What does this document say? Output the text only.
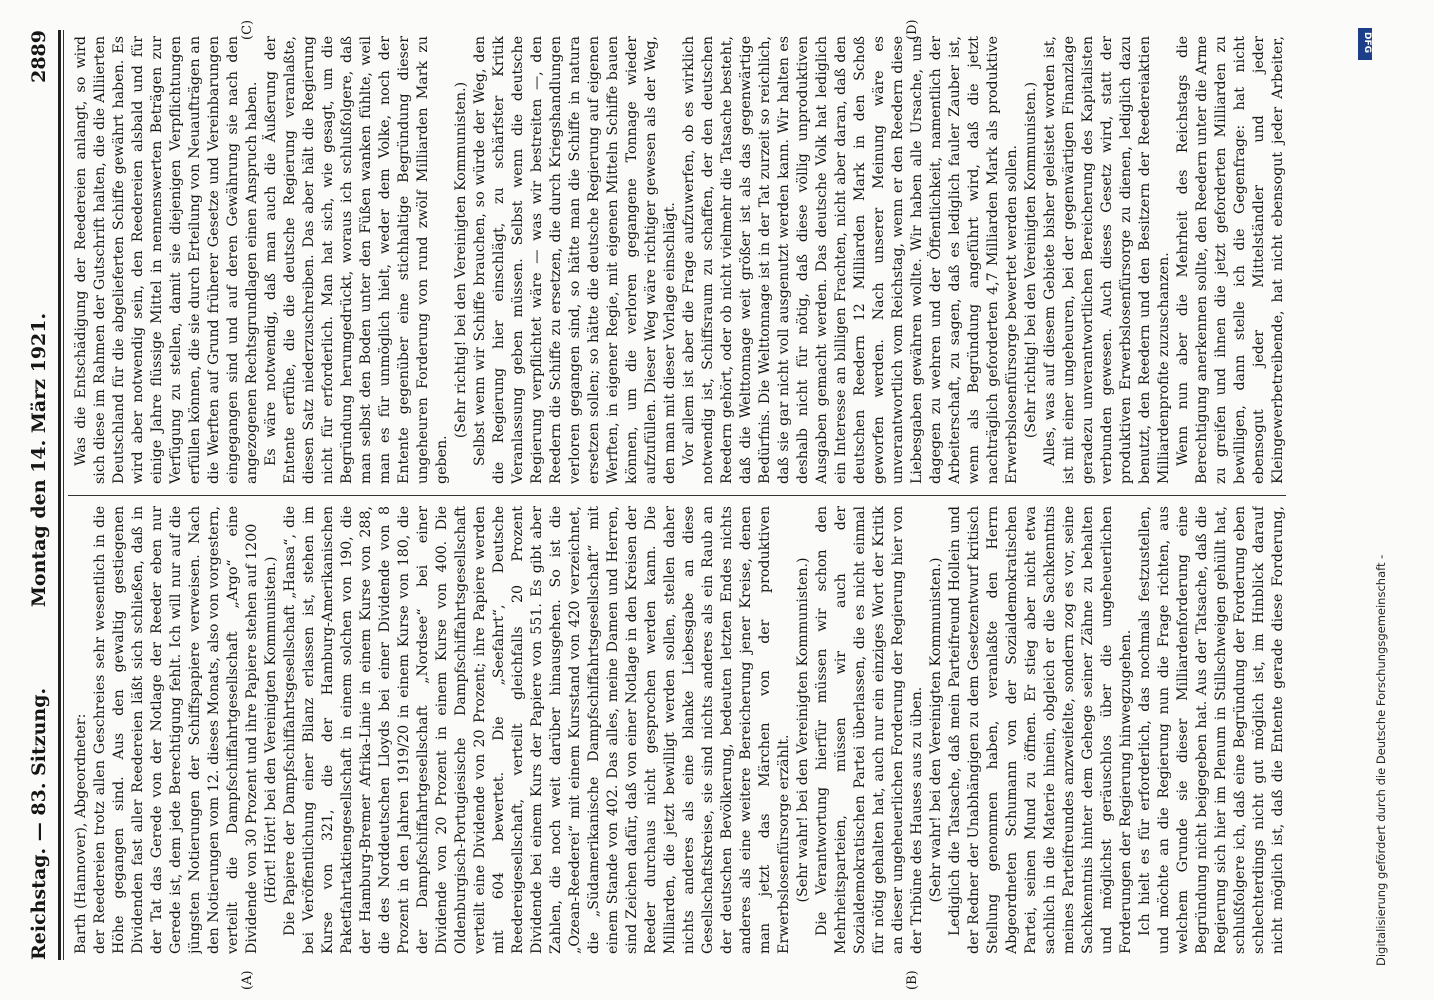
Reichstag. — 83. Sitzung.
Montag den 14. März 1921.
2889
(A)	(B)
(C)	(D)

Barth (Hannover), Abgeordneter: der Reedereien trotz allen Geschreies sehr wesentlich in die Höhe gegangen sind. Aus den gewaltig gestiegenen Dividenden fast aller Reedereien läßt sich schließen, daß in der Tat das Gerede von der Notlage der Reeder eben nur Gerede ist, dem jede Berechtigung fehlt. Ich will nur auf die jüngsten Notierungen der Schiffspapiere verweisen. Nach den Notierungen vom 12. dieses Monats, also von vorgestern, verteilt die Dampfschiffahrtgesellschaft „Argo“ eine Dividende von 30 Prozent und ihre Papiere stehen auf 1200 (Hört! Hört! bei den Vereinigten Kommunisten.) Die Papiere der Dampfschiffahrtsgesellschaft „Hansa“, die bei Veröffentlichung einer Bilanz erlassen ist, stehen im Kurse von 321, die der Hamburg-Amerikanischen Paketfahrtaktiengesellschaft in einem solchen von 190, die der Hamburg-Bremer Afrika-Linie in einem Kurse von 288, die des Norddeutschen Lloyds bei einer Dividende von 8 Prozent in den Jahren 1919/20 in einem Kurse von 180, die der Dampfschiffahrtgesellschaft „Nordsee“ bei einer Dividende von 20 Prozent in einem Kurse von 400. Die Oldenburgisch-Portugiesische Dampfschiffahrtsgesellschaft verteilt eine Dividende von 20 Prozent; ihre Papiere werden mit 604 bewertet. Die „Seefahrt“, Deutsche Reedereigesellschaft, verteilt gleichfalls 20 Prozent Dividende bei einem Kurs der Papiere von 551. Es gibt aber Zahlen, die noch weit darüber hinausgehen. So ist die „Ozean-Reederei“ mit einem Kursstand von 420 verzeichnet, die „Südamerikanische Dampfschiffahrtsgesellschaft“ mit einem Stande von 402. Das alles, meine Damen und Herren, sind Zeichen dafür, daß von einer Notlage in den Kreisen der Reeder durchaus nicht gesprochen werden kann. Die Milliarden, die jetzt bewilligt werden sollen, stellen daher nichts anderes als eine blanke Liebesgabe an diese Gesellschaftskreise, sie sind nichts anderes als ein Raub an der deutschen Bevölkerung, bedeuten letzten Endes nichts anderes als eine weitere Bereicherung jener Kreise, denen man jetzt das Märchen von der produktiven Erwerbslosenfürsorge erzählt. (Sehr wahr! bei den Vereinigten Kommunisten.) Die Verantwortung hierfür müssen wir schon den Mehrheitsparteien, müssen wir auch der Sozialdemokratischen Partei überlassen, die es nicht einmal für nötig gehalten hat, auch nur ein einziges Wort der Kritik an dieser ungeheuerlichen Forderung der Regierung hier von der Tribüne des Hauses aus zu üben. (Sehr wahr! bei den Vereinigten Kommunisten.) Lediglich die Tatsache, daß mein Parteifreund Hollein und der Redner der Unabhängigen zu dem Gesetzentwurf kritisch Stellung genommen haben, veranlaßte den Herrn Abgeordneten Schumann von der Sozialdemokratischen Partei, seinen Mund zu öffnen. Er stieg aber nicht etwa sachlich in die Materie hinein, obgleich er die Sachkenntnis meines Parteifreundes anzweifelte, sondern zog es vor, seine Sachkenntnis hinter dem Gehege seiner Zähne zu behalten und möglichst geräuschlos über die ungeheuerlichen Forderungen der Regierung hinwegzugehen. Ich hielt es für erforderlich, das nochmals festzustellen, und möchte an die Regierung nun die Frage richten, aus welchem Grunde sie dieser Milliardenforderung eine Begründung nicht beigegeben hat. Aus der Tatsache, daß die Regierung sich hier im Plenum in Stillschweigen gehüllt hat, schlußfolgere ich, daß eine Begründung der Forderung eben schlechterdings nicht gut möglich ist, im Hinblick darauf nicht möglich ist, daß die Entente gerade diese Forderung,

Was die Entschädigung der Reedereien anlangt, so wird sich diese im Rahmen der Gutschrift halten, die die Alliierten Deutschland für die abgelieferten Schiffe gewährt haben. Es wird aber notwendig sein, den Reedereien alsbald und für einige Jahre flüssige Mittel in nennenswerten Beträgen zur Verfügung zu stellen, damit sie diejenigen Verpflichtungen erfüllen können, die sie durch Erteilung von Neuaufträgen an die Werften auf Grund früherer Gesetze und Vereinbarungen eingegangen sind und auf deren Gewährung sie nach den angezogenen Rechtsgrundlagen einen Anspruch haben. Es wäre notwendig, daß man auch die Äußerung der Entente erfühe, die die deutsche Regierung veranlaßte, diesen Satz niederzuschreiben. Das aber hält die Regierung nicht für erforderlich. Man hat sich, wie gesagt, um die Begründung herumgedrückt, woraus ich schlußfolgere, daß man selbst den Boden unter den Füßen wanken fühlte, weil man es für unmöglich hielt, weder dem Volke, noch der Entente gegenüber eine stichhaltige Begründung dieser ungeheuren Forderung von rund zwölf Milliarden Mark zu geben.

(Sehr richtig! bei den Vereinigten Kommunisten.) Selbst wenn wir Schiffe brauchen, so würde der Weg, den die Regierung hier einschlägt, zu schärfster Kritik Veranlassung geben müssen. Selbst wenn die deutsche Regierung verpflichtet wäre — was wir bestreiten —, den Reedern die Schiffe zu ersetzen, die durch Kriegshandlungen verloren gegangen sind, so hätte man die Schiffe in natura ersetzen sollen; so hätte die deutsche Regierung auf eigenen Werften, in eigener Regie, mit eigenen Mitteln Schiffe bauen können, um die verloren gegangene Tonnage wieder aufzufüllen. Dieser Weg wäre richtiger gewesen als der Weg, den man mit dieser Vorlage einschlägt. Vor allem ist aber die Frage aufzuwerfen, ob es wirklich notwendig ist, Schiffsraum zu schaffen, der den deutschen Reedern gehört, oder ob nicht vielmehr die Tatsache besteht, daß die Welttonnage weit größer ist als das gegenwärtige Bedürfnis. Die Welttonnage ist in der Tat zurzeit so reichlich, daß sie gar nicht voll ausgenutzt werden kann. Wir halten es deshalb nicht für nötig, daß diese völlig unproduktiven Ausgaben gemacht werden. Das deutsche Volk hat lediglich ein Interesse an billigen Frachten, nicht aber daran, daß den deutschen Reedern 12 Milliarden Mark in den Schoß geworfen werden. Nach unserer Meinung wäre es unverantwortlich vom Reichstag, wenn er den Reedern diese Liebesgaben gewähren wollte. Wir haben alle Ursache, uns dagegen zu wehren und der Öffentlichkeit, namentlich der Arbeiterschaft, zu sagen, daß es lediglich fauler Zauber ist, wenn als Begründung angeführt wird, daß die jetzt nachträglich geforderten 4,7 Milliarden Mark als produktive Erwerbslosenfürsorge bewertet werden sollen. (Sehr richtig! bei den Vereinigten Kommunisten.) Alles, was auf diesem Gebiete bisher geleistet worden ist, ist mit einer ungeheuren, bei der gegenwärtigen Finanzlage geradezu unverantwortlichen Bereicherung des Kapitalisten verbunden gewesen. Auch dieses Gesetz wird, statt der produktiven Erwerbslosenfürsorge zu dienen, lediglich dazu benutzt, den Reedern und den Besitzern der Reedereiaktien Milliardenprofite zuzuschanzen. Wenn nun aber die Mehrheit des Reichstags die Berechtigung anerkennen sollte, den Reedern unter die Arme zu greifen und ihnen die jetzt geforderten Milliarden zu bewilligen, dann stelle ich die Gegenfrage: hat nicht ebensogut jeder Mittelständler und jeder Kleingewerbetreibende, hat nicht ebensogut jeder Arbeiter,	DFG
Digitalisierung gefördert durch die Deutsche Forschungsgemeinschaft -
